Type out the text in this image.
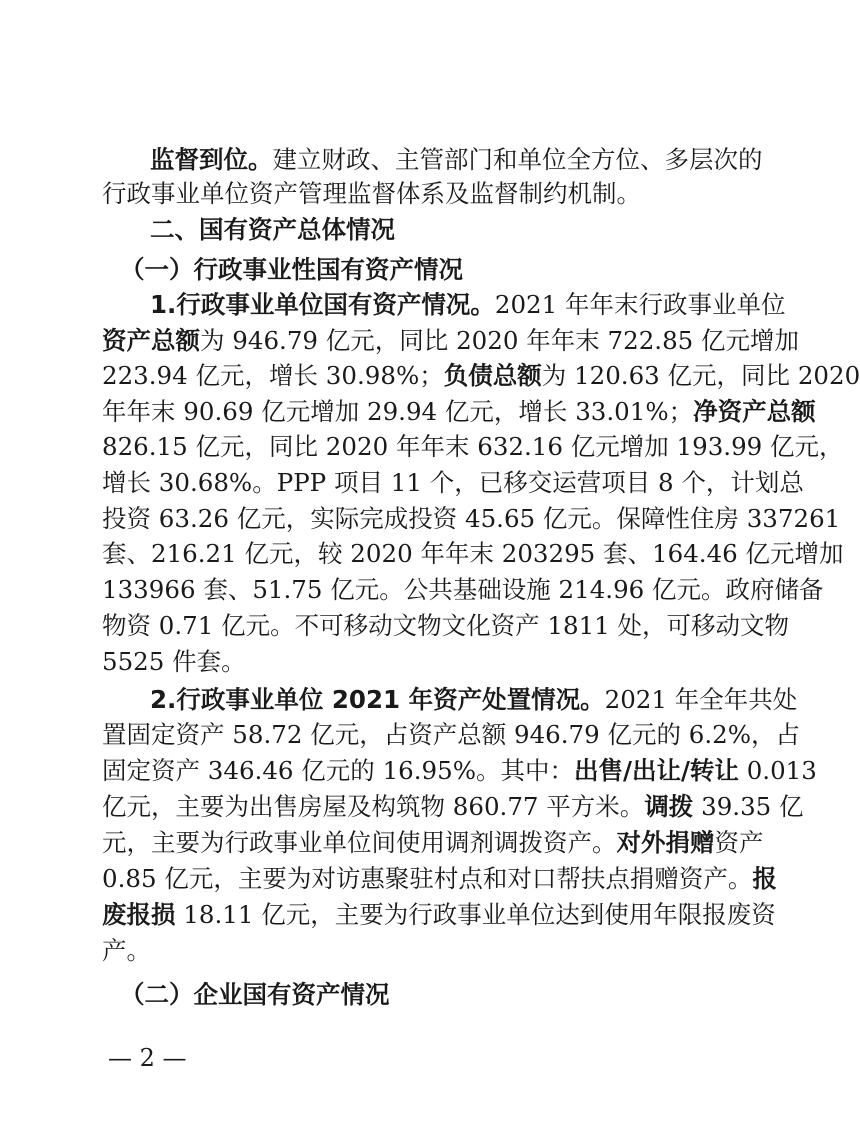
监督到位。建立财政、主管部门和单位全方位、多层次的
行政事业单位资产管理监督体系及监督制约机制。
二、国有资产总体情况
（一）行政事业性国有资产情况
1.行政事业单位国有资产情况。2021 年年末行政事业单位
资产总额为 946.79 亿元，同比 2020 年年末 722.85 亿元增加
223.94 亿元，增长 30.98%；负债总额为 120.63 亿元，同比 2020
年年末 90.69 亿元增加 29.94 亿元，增长 33.01%；净资产总额
826.15 亿元，同比 2020 年年末 632.16 亿元增加 193.99 亿元，
增长 30.68%。PPP 项目 11 个，已移交运营项目 8 个，计划总
投资 63.26 亿元，实际完成投资 45.65 亿元。保障性住房 337261
套、216.21 亿元，较 2020 年年末 203295 套、164.46 亿元增加
133966 套、51.75 亿元。公共基础设施 214.96 亿元。政府储备
物资 0.71 亿元。不可移动文物文化资产 1811 处，可移动文物
5525 件套。
2.行政事业单位 2021 年资产处置情况。2021 年全年共处
置固定资产 58.72 亿元，占资产总额 946.79 亿元的 6.2%，占
固定资产 346.46 亿元的 16.95%。其中：出售/出让/转让 0.013
亿元，主要为出售房屋及构筑物 860.77 平方米。调拨 39.35 亿
元，主要为行政事业单位间使用调剂调拨资产。对外捐赠资产
0.85 亿元，主要为对访惠聚驻村点和对口帮扶点捐赠资产。报
废报损 18.11 亿元，主要为行政事业单位达到使用年限报废资
产。
（二）企业国有资产情况
— 2 —
